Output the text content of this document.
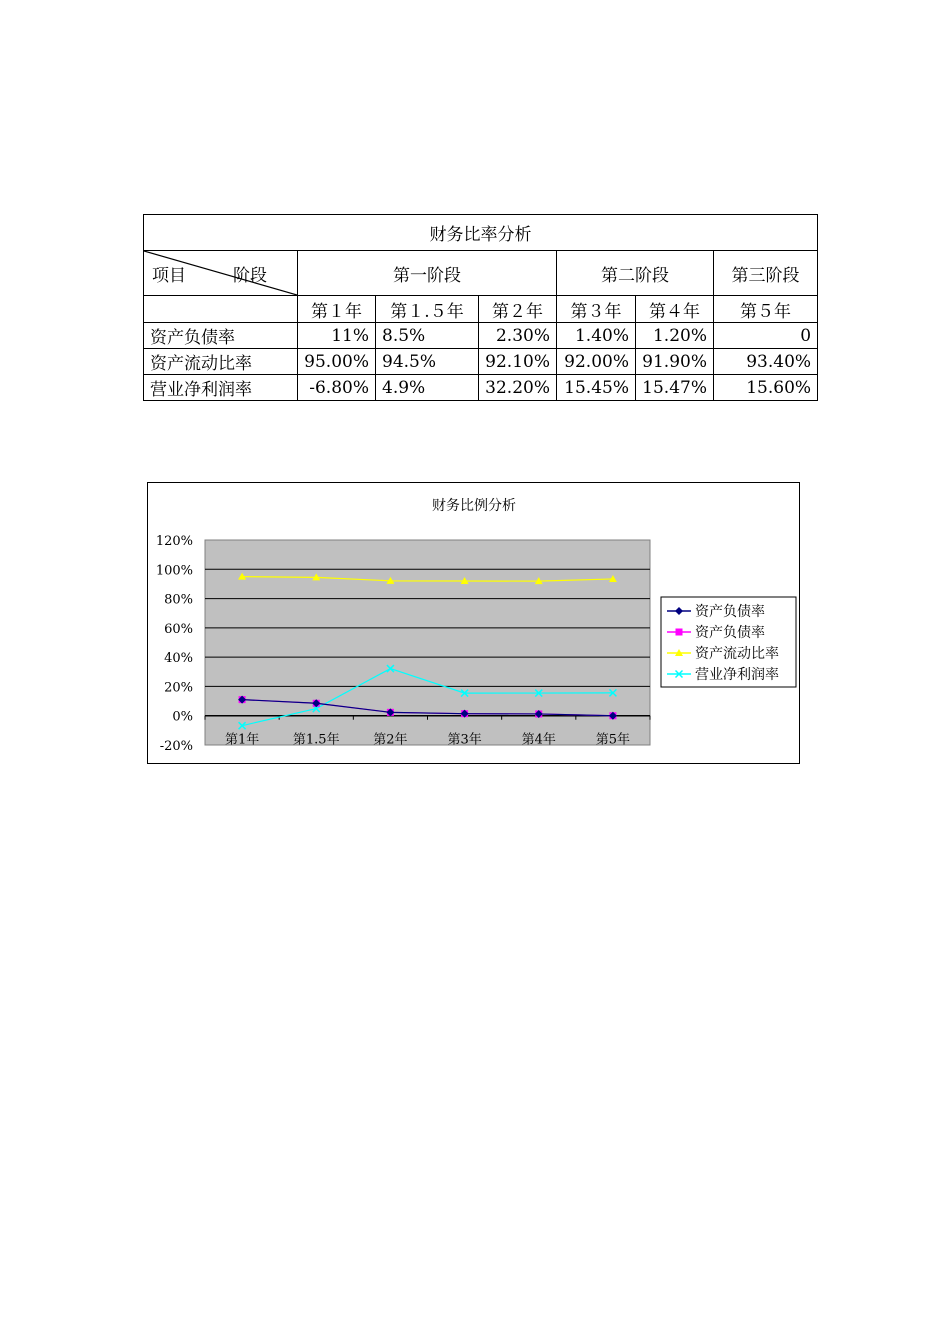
财务比率分析						

项目 阶段	第一阶段			第二阶段		第三阶段
	第１年	第１.５年	第２年	第３年	第４年	第５年
资产负债率	11%	8.5%	2.30%	1.40%	1.20%	0
资产流动比率	95.00%	94.5%	92.10%	92.00%	91.90%	93.40%
营业净利润率	-6.80%	4.9%	32.20%	15.45%	15.47%	15.60%
财务比例分析
120%
100%
80%
60%
40%
20%
0%
-20% 第1年	第1.5年	第2年	第3年	第4年	第5年
资产负债率
资产负债率
资产流动比率
营业净利润率
